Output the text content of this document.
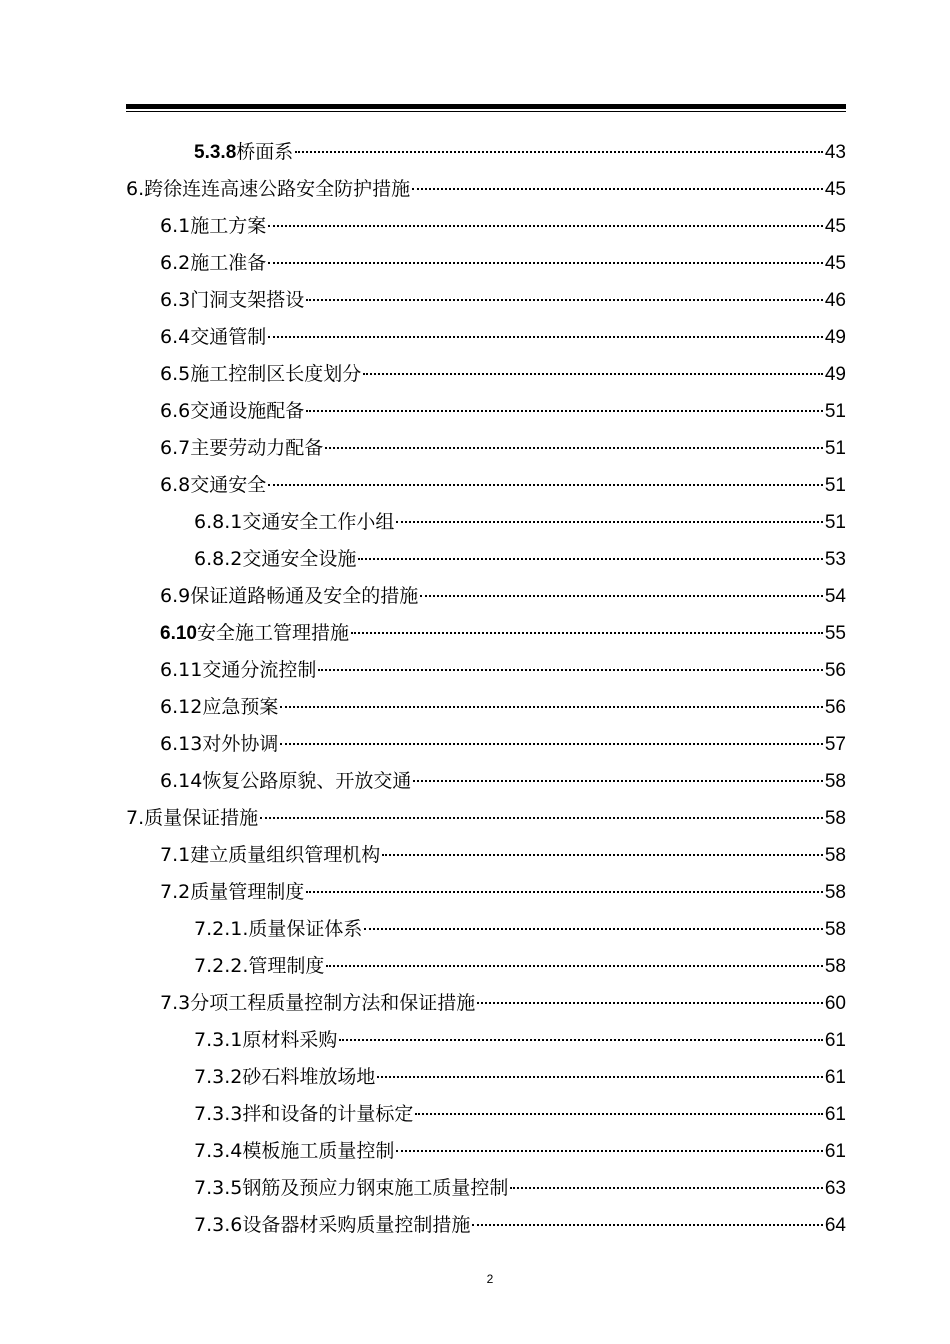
5.3.8 桥面系	43
6. 跨徐连连高速公路安全防护措施	45
6.1 施工方案	45
6.2 施工准备	45
6.3 门洞支架搭设	46
6.4 交通管制	49
6.5 施工控制区长度划分	49
6.6 交通设施配备	51
6.7 主要劳动力配备	51
6.8 交通安全	51
6.8.1 交通安全工作小组	51
6.8.2 交通安全设施	53
6.9 保证道路畅通及安全的措施	54
6.10 安全施工管理措施	55
6.11 交通分流控制	56
6.12 应急预案	56
6.13 对外协调	57
6.14 恢复公路原貌、开放交通	58
7. 质量保证措施	58
7.1 建立质量组织管理机构	58
7.2 质量管理制度	58
7.2.1. 质量保证体系	58
7.2.2. 管理制度	58
7.3 分项工程质量控制方法和保证措施	60
7.3.1 原材料采购	61
7.3.2 砂石料堆放场地	61
7.3.3 拌和设备的计量标定	61
7.3.4 模板施工质量控制	61
7.3.5 钢筋及预应力钢束施工质量控制	63
7.3.6 设备器材采购质量控制措施	64
2
